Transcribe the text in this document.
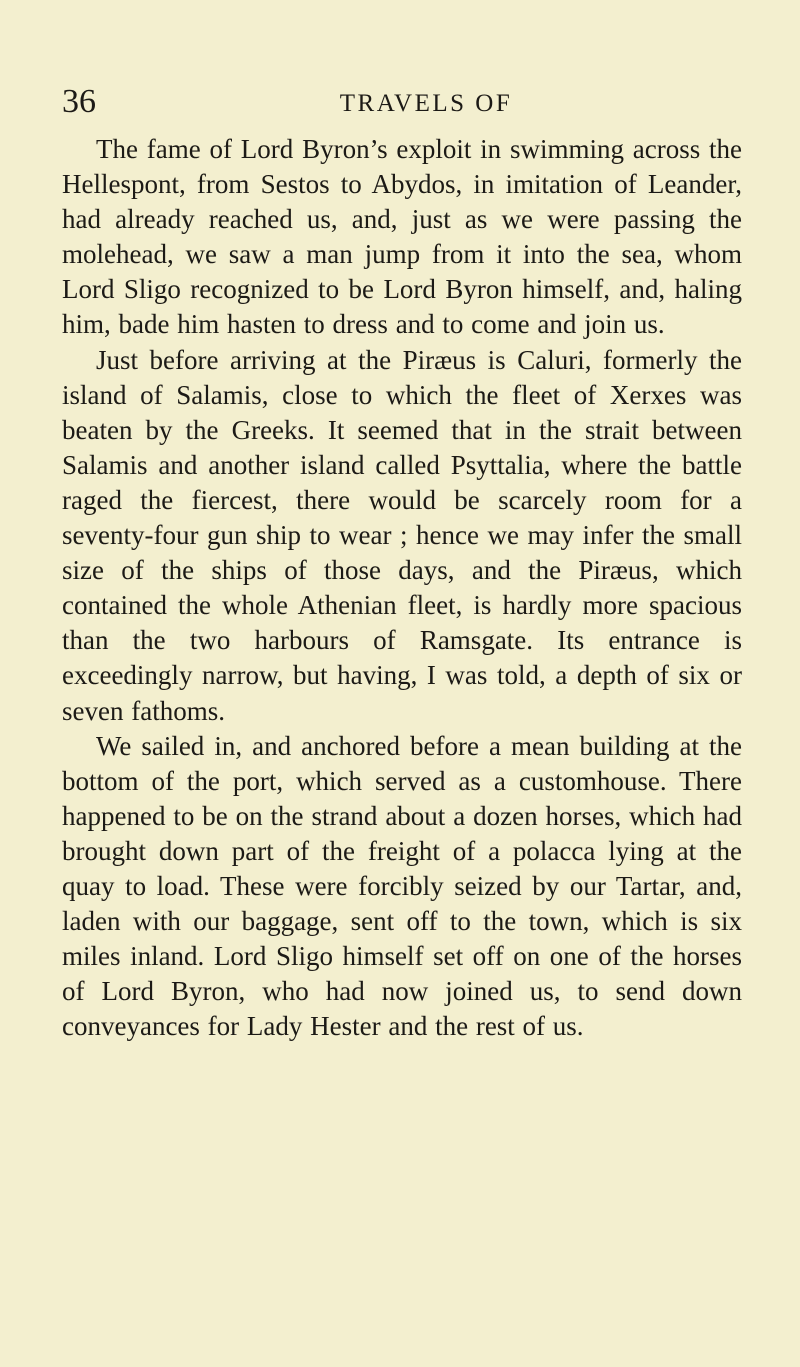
36	TRAVELS OF

The fame of Lord Byron’s exploit in swimming across the Hellespont, from Sestos to Abydos, in imitation of Leander, had already reached us, and, just as we were passing the molehead, we saw a man jump from it into the sea, whom Lord Sligo recognized to be Lord Byron himself, and, haling him, bade him hasten to dress and to come and join us.

Just before arriving at the Piræus is Caluri, formerly the island of Salamis, close to which the fleet of Xerxes was beaten by the Greeks. It seemed that in the strait between Salamis and another island called Psyttalia, where the battle raged the fiercest, there would be scarcely room for a seventy-four gun ship to wear ; hence we may infer the small size of the ships of those days, and the Piræus, which contained the whole Athenian fleet, is hardly more spacious than the two harbours of Ramsgate. Its entrance is exceedingly narrow, but having, I was told, a depth of six or seven fathoms.

We sailed in, and anchored before a mean building at the bottom of the port, which served as a customhouse. There happened to be on the strand about a dozen horses, which had brought down part of the freight of a polacca lying at the quay to load. These were forcibly seized by our Tartar, and, laden with our baggage, sent off to the town, which is six miles inland. Lord Sligo himself set off on one of the horses of Lord Byron, who had now joined us, to send down conveyances for Lady Hester and the rest of us.
